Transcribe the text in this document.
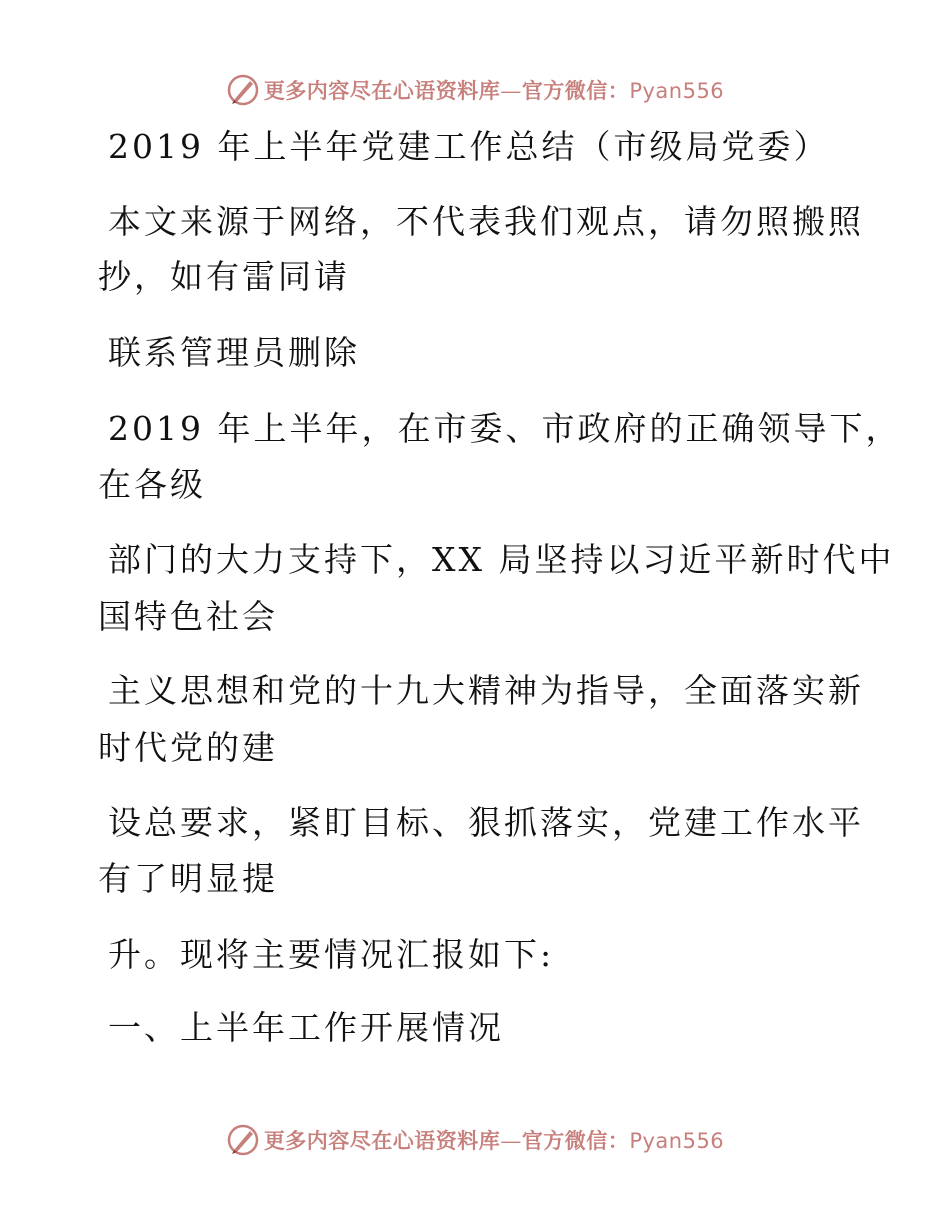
更多内容尽在心语资料库—官方微信：Pyan556
2019 年上半年党建工作总结（市级局党委）
本文来源于网络，不代表我们观点，请勿照搬照
抄，如有雷同请
联系管理员删除
2019 年上半年，在市委、市政府的正确领导下，
在各级
部门的大力支持下，XX 局坚持以习近平新时代中
国特色社会
主义思想和党的十九大精神为指导，全面落实新
时代党的建
设总要求，紧盯目标、狠抓落实，党建工作水平
有了明显提
升。现将主要情况汇报如下:
一、上半年工作开展情况
更多内容尽在心语资料库—官方微信：Pyan556
